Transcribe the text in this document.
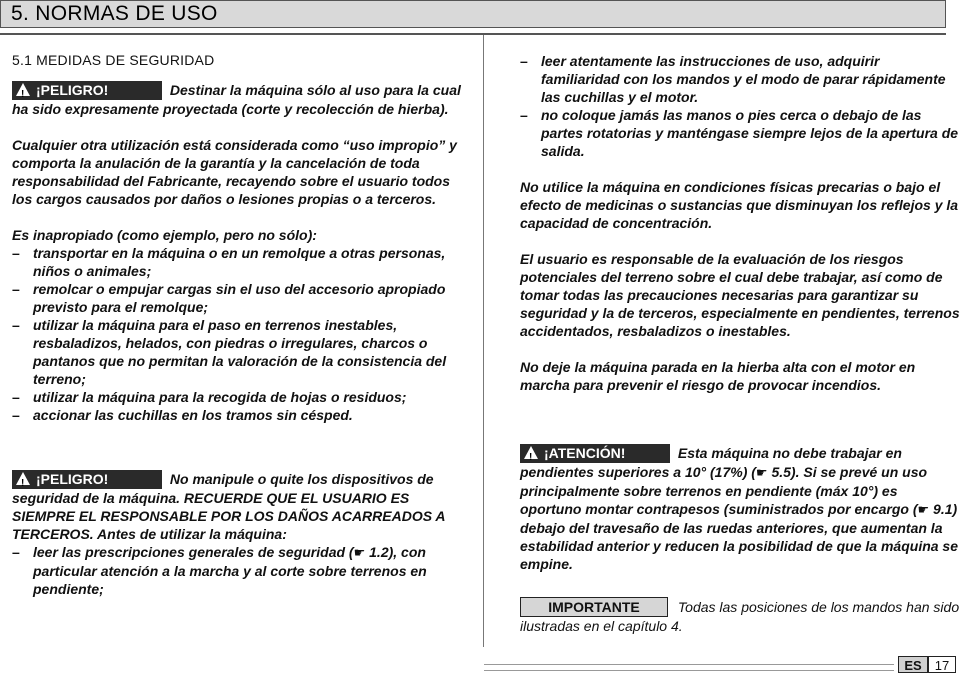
5. NORMAS DE USO
5.1 MEDIDAS DE SEGURIDAD

! ¡PELIGRO!	Destinar la máquina sólo al uso para la cual ha sido expresamente proyectada (corte y recolección de hierba).

Cualquier otra utilización está considerada como “uso impropio” y comporta la anulación de la garantía y la cancelación de toda responsabilidad del Fabricante, recayendo sobre el usuario todos los cargos causados por daños o lesiones propias o a terceros.

Es inapropiado (como ejemplo, pero no sólo):

– transportar en la máquina o en un remolque a otras personas, niños o animales;
– remolcar o empujar cargas sin el uso del accesorio apropiado previsto para el remolque;
– utilizar la máquina para el paso en terrenos inestables, resbaladizos, helados, con piedras o irregulares, charcos o pantanos que no permitan la valoración de la consistencia del terreno;
– utilizar la máquina para la recogida de hojas o residuos;
– accionar las cuchillas en los tramos sin césped.

! ¡PELIGRO!	No manipule o quite los dispositivos de seguridad de la máquina. RECUERDE QUE EL USUARIO ES SIEMPRE EL RESPONSABLE POR LOS DAÑOS ACARREADOS A TERCEROS. Antes de utilizar la máquina:

– leer las prescripciones generales de seguridad (☛ 1.2), con particular atención a la marcha y al corte sobre terrenos en pendiente;
– leer atentamente las instrucciones de uso, adquirir familiaridad con los mandos y el modo de parar rápidamente las cuchillas y el motor.
– no coloque jamás las manos o pies cerca o debajo de las partes rotatorias y manténgase siempre lejos de la apertura de salida.

No utilice la máquina en condiciones físicas precarias o bajo el efecto de medicinas o sustancias que disminuyan los reflejos y la capacidad de concentración.

El usuario es responsable de la evaluación de los riesgos potenciales del terreno sobre el cual debe trabajar, así como de tomar todas las precauciones necesarias para garantizar su seguridad y la de terceros, especialmente en pendientes, terrenos accidentados, resbaladizos o inestables.

No deje la máquina parada en la hierba alta con el motor en marcha para prevenir el riesgo de provocar incendios.

! ¡ATENCIÓN!	Esta máquina no debe trabajar en pendientes superiores a 10° (17%) (☛ 5.5). Si se prevé un uso principalmente sobre terrenos en pendiente (máx 10°) es oportuno montar contrapesos (suministrados por encargo (☛ 9.1) debajo del travesaño de las ruedas anteriores, que aumentan la estabilidad anterior y reducen la posibilidad de que la máquina se empine.

IMPORTANTE	Todas las posiciones de los mandos han sido ilustradas en el capítulo 4.

ES	17
